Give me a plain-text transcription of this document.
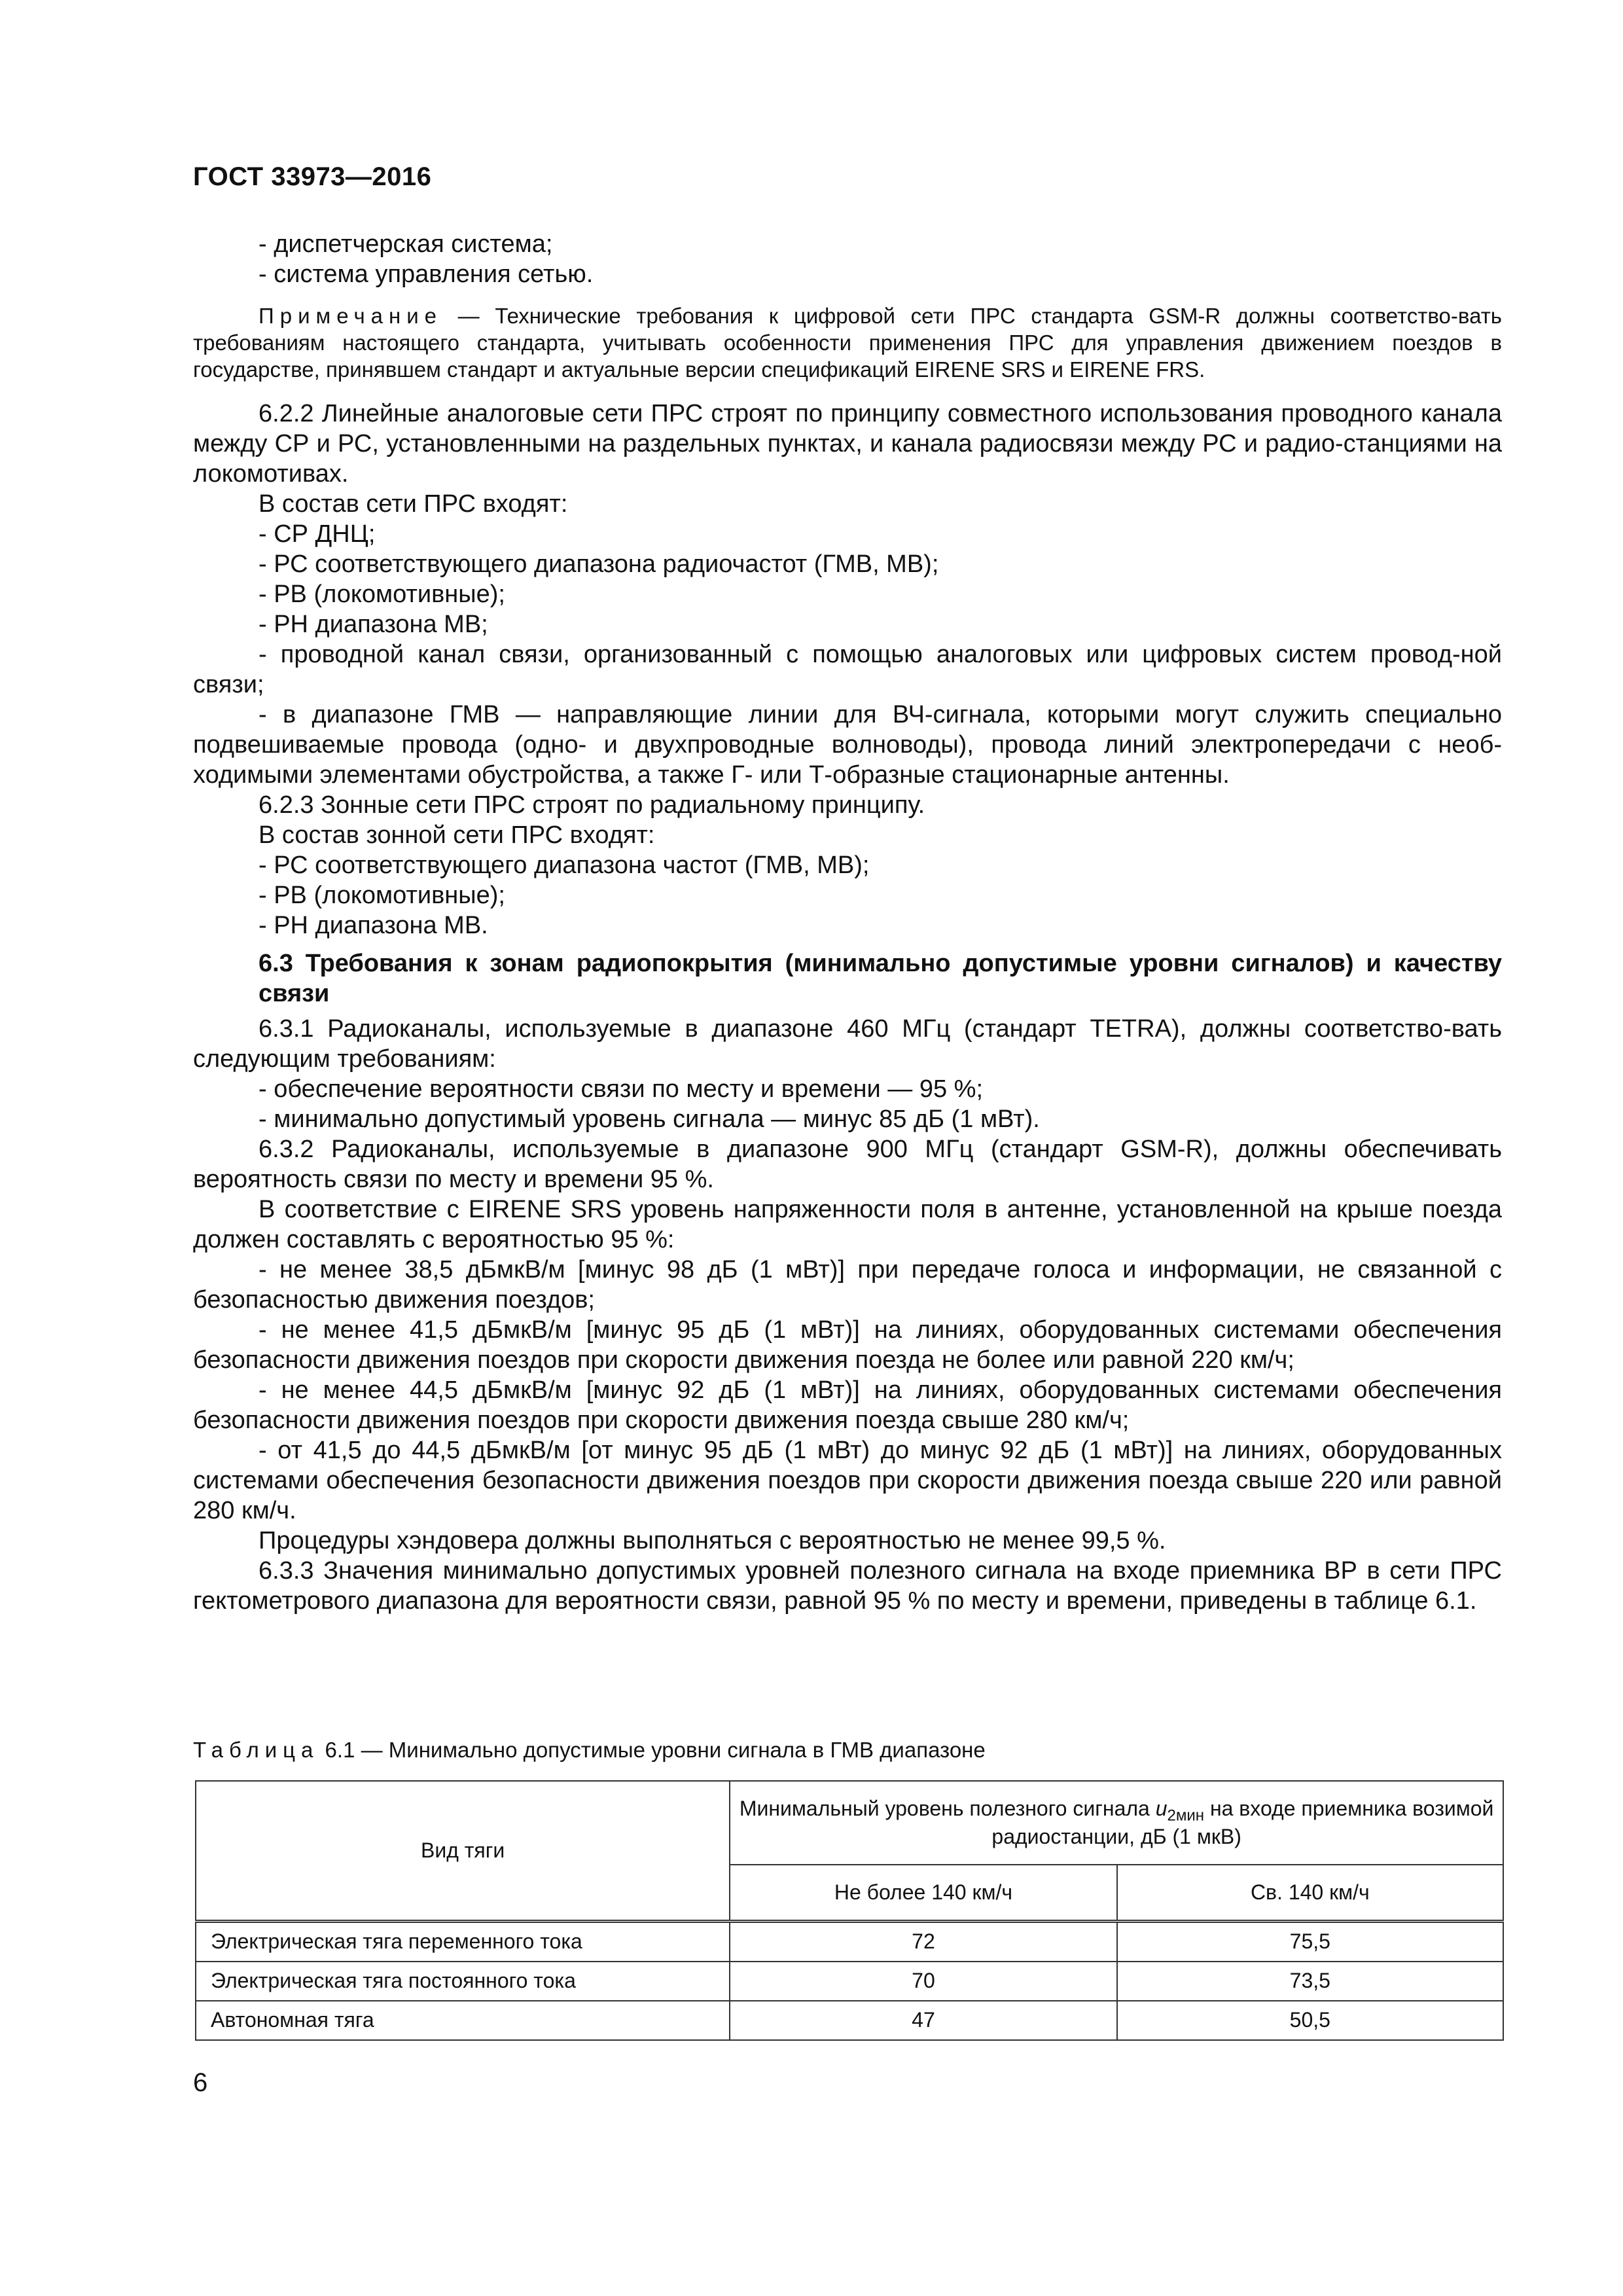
ГОСТ 33973—2016

- диспетчерская система;

- система управления сетью.

Примечание — Технические требования к цифровой сети ПРС стандарта GSM-R должны соответство-вать требованиям настоящего стандарта, учитывать особенности применения ПРС для управления движением поездов в государстве, принявшем стандарт и актуальные версии спецификаций EIRENE SRS и EIRENE FRS.

6.2.2 Линейные аналоговые сети ПРС строят по принципу совместного использования проводного канала между СР и РС, установленными на раздельных пунктах, и канала радиосвязи между РС и радио-станциями на локомотивах.

В состав сети ПРС входят:

- СР ДНЦ;

- РС соответствующего диапазона радиочастот (ГМВ, МВ);

- РВ (локомотивные);

- РН диапазона МВ;

- проводной канал связи, организованный с помощью аналоговых или цифровых систем провод-ной связи;

- в диапазоне ГМВ — направляющие линии для ВЧ-сигнала, которыми могут служить специально подвешиваемые провода (одно- и двухпроводные волноводы), провода линий электропередачи с необ-ходимыми элементами обустройства, а также Г- или Т-образные стационарные антенны.

6.2.3 Зонные сети ПРС строят по радиальному принципу.

В состав зонной сети ПРС входят:

- РС соответствующего диапазона частот (ГМВ, МВ);

- РВ (локомотивные);

- РН диапазона МВ.

6.3 Требования к зонам радиопокрытия (минимально допустимые уровни сигналов) и качеству связи

6.3.1 Радиоканалы, используемые в диапазоне 460 МГц (стандарт TETRA), должны соответство-вать следующим требованиям:

- обеспечение вероятности связи по месту и времени — 95 %;

- минимально допустимый уровень сигнала — минус 85 дБ (1 мВт).

6.3.2 Радиоканалы, используемые в диапазоне 900 МГц (стандарт GSM-R), должны обеспечивать вероятность связи по месту и времени 95 %.

В соответствие с EIRENE SRS уровень напряженности поля в антенне, установленной на крыше поезда должен составлять с вероятностью 95 %:

- не менее 38,5 дБмкВ/м [минус 98 дБ (1 мВт)] при передаче голоса и информации, не связанной с безопасностью движения поездов;

- не менее 41,5 дБмкВ/м [минус 95 дБ (1 мВт)] на линиях, оборудованных системами обеспечения безопасности движения поездов при скорости движения поезда не более или равной 220 км/ч;

- не менее 44,5 дБмкВ/м [минус 92 дБ (1 мВт)] на линиях, оборудованных системами обеспечения безопасности движения поездов при скорости движения поезда свыше 280 км/ч;

- от 41,5 до 44,5 дБмкВ/м [от минус 95 дБ (1 мВт) до минус 92 дБ (1 мВт)] на линиях, оборудованных системами обеспечения безопасности движения поездов при скорости движения поезда свыше 220 или равной 280 км/ч.

Процедуры хэндовера должны выполняться с вероятностью не менее 99,5 %.

6.3.3 Значения минимально допустимых уровней полезного сигнала на входе приемника ВР в сети ПРС гектометрового диапазона для вероятности связи, равной 95 % по месту и времени, приведены в таблице 6.1.

Таблица 6.1 — Минимально допустимые уровни сигнала в ГМВ диапазоне
Вид тяги	Минимальный уровень полезного сигнала $u_{2мин}$ на входе приемника возимой радиостанции, дБ (1 мкВ)	
	Не более 140 км/ч	Св. 140 км/ч
Электрическая тяга переменного тока	72	75,5
Электрическая тяга постоянного тока	70	73,5
Автономная тяга	47	50,5
6
